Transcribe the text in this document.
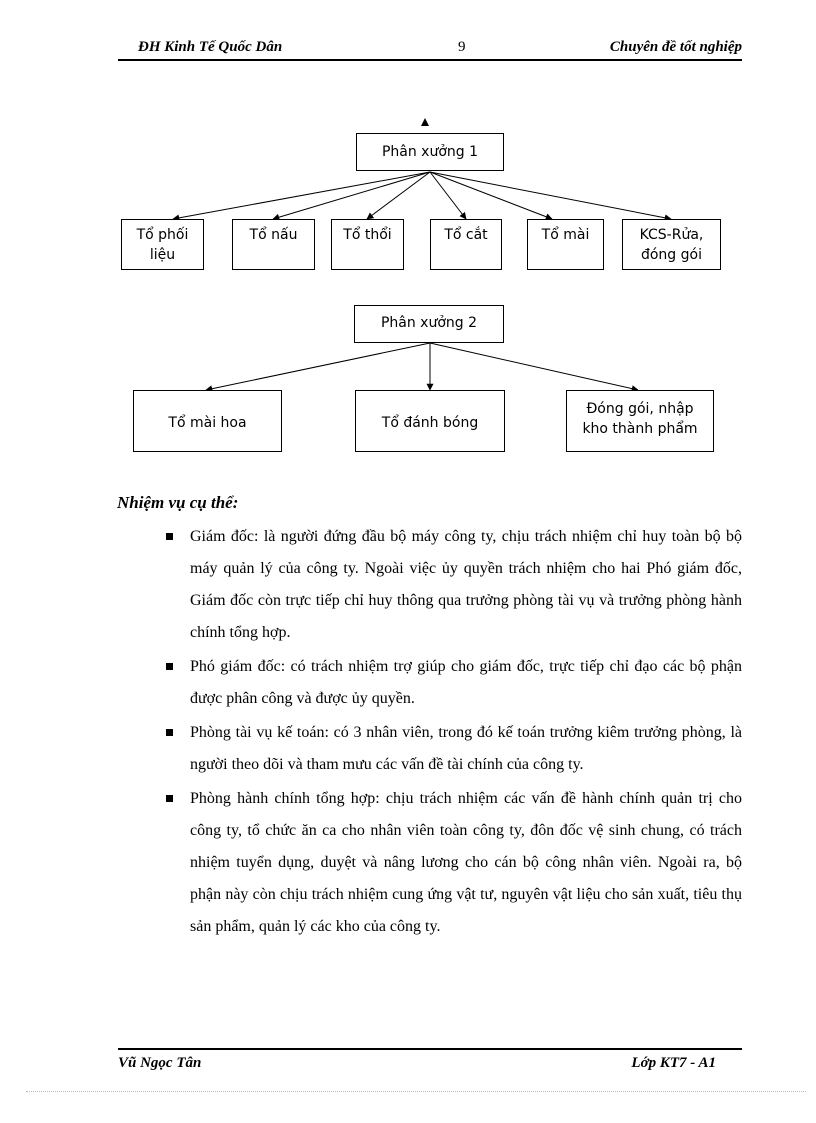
ĐH Kinh Tế Quốc Dân	9	Chuyên đề tốt nghiệp
Phân xưởng 1
Tổ phối
liệu
Tổ nấu	Tổ thổi	Tổ cắt	Tổ mài	KCS-Rửa,
đóng gói
Phân xưởng 2
Tổ mài hoa	Tổ đánh bóng
Đóng gói, nhập
kho thành phẩm
Nhiệm vụ cụ thể:
Giám đốc: là người đứng đầu bộ máy công ty, chịu trách nhiệm chỉ huy toàn bộ bộ máy quản lý của công ty. Ngoài việc ủy quyền trách nhiệm cho hai Phó giám đốc, Giám đốc còn trực tiếp chỉ huy thông qua trưởng phòng tài vụ và trưởng phòng hành chính tổng hợp.
Phó giám đốc: có trách nhiệm trợ giúp cho giám đốc, trực tiếp chỉ đạo các bộ phận được phân công và được ủy quyền.
Phòng tài vụ kế toán: có 3 nhân viên, trong đó kế toán trưởng kiêm trưởng phòng, là người theo dõi và tham mưu các vấn đề tài chính của công ty.
Phòng hành chính tổng hợp: chịu trách nhiệm các vấn đề hành chính quản trị cho công ty, tổ chức ăn ca cho nhân viên toàn công ty, đôn đốc vệ sinh chung, có trách nhiệm tuyển dụng, duyệt và nâng lương cho cán bộ công nhân viên. Ngoài ra, bộ phận này còn chịu trách nhiệm cung ứng vật tư, nguyên vật liệu cho sản xuất, tiêu thụ sản phẩm, quản lý các kho của công ty.
Vũ Ngọc Tân	Lớp KT7 - A1
